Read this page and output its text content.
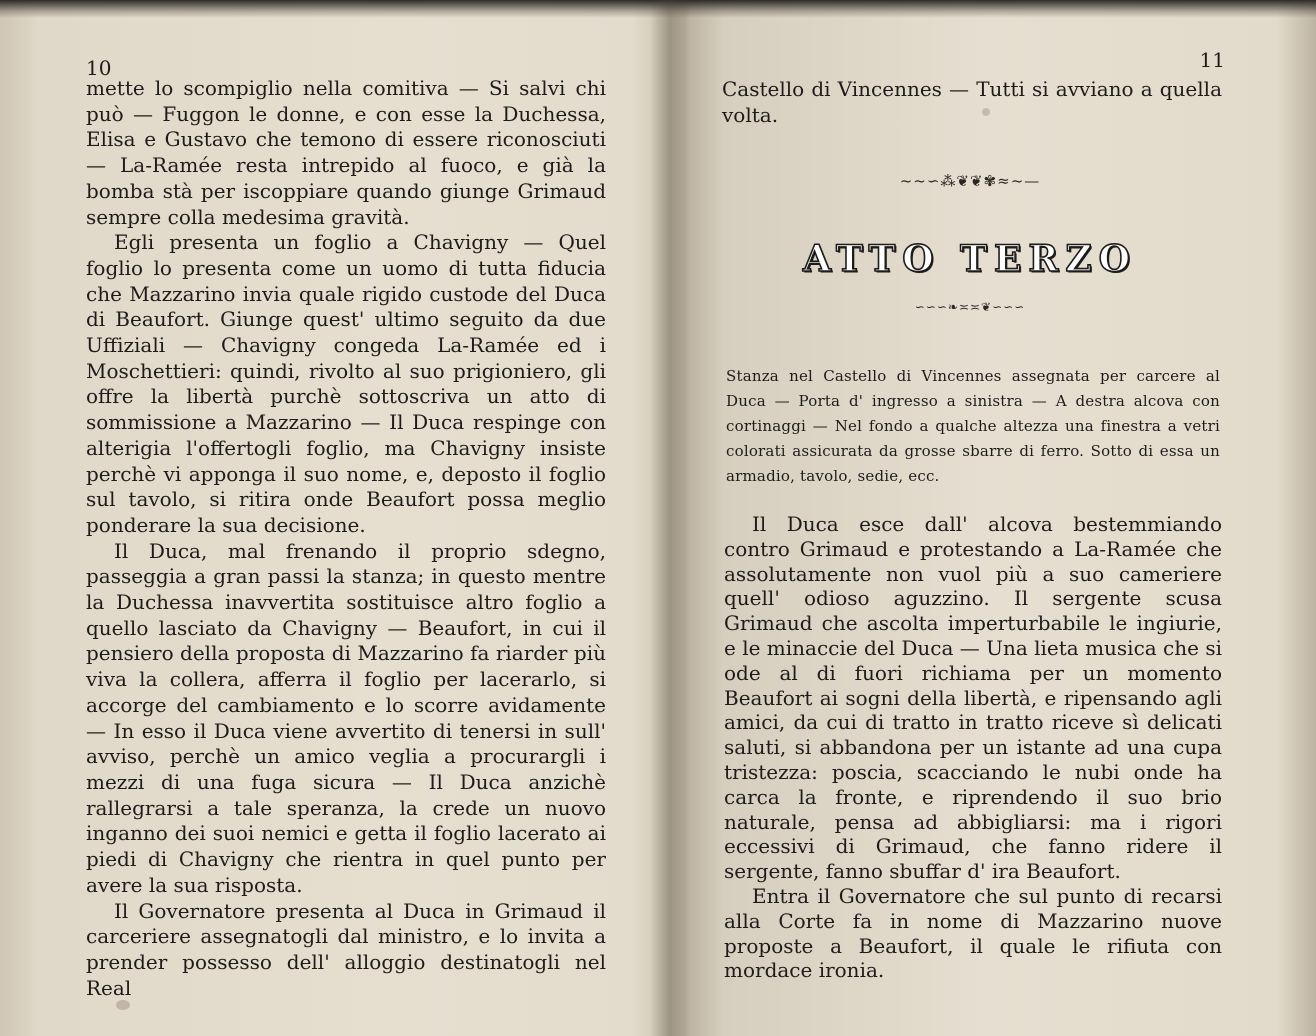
10

mette lo scompiglio nella comitiva — Si salvi chi può — Fuggon le donne, e con esse la Duchessa, Elisa e Gustavo che temono di essere riconosciuti — La-Ramée resta intrepido al fuoco, e già la bomba stà per iscoppiare quando giunge Grimaud sempre colla medesima gravità.

Egli presenta un foglio a Chavigny — Quel foglio lo presenta come un uomo di tutta fiducia che Mazzarino invia quale rigido custode del Duca di Beaufort. Giunge quest' ultimo seguito da due Uffiziali — Chavigny congeda La-Ramée ed i Moschettieri: quindi, rivolto al suo prigioniero, gli offre la libertà purchè sottoscriva un atto di sommissione a Mazzarino — Il Duca respinge con alterigia l'offertogli foglio, ma Chavigny insiste perchè vi apponga il suo nome, e, deposto il foglio sul tavolo, si ritira onde Beaufort possa meglio ponderare la sua decisione.

Il Duca, mal frenando il proprio sdegno, passeggia a gran passi la stanza; in questo mentre la Duchessa inavvertita sostituisce altro foglio a quello lasciato da Chavigny — Beaufort, in cui il pensiero della proposta di Mazzarino fa riarder più viva la collera, afferra il foglio per lacerarlo, si accorge del cambiamento e lo scorre avidamente — In esso il Duca viene avvertito di tenersi in sull' avviso, perchè un amico veglia a procurargli i mezzi di una fuga sicura — Il Duca anzichè rallegrarsi a tale speranza, la crede un nuovo inganno dei suoi nemici e getta il foglio lacerato ai piedi di Chavigny che rientra in quel punto per avere la sua risposta.

Il Governatore presenta al Duca in Grimaud il carceriere assegnatogli dal ministro, e lo invita a prender possesso dell' alloggio destinatogli nel Real

11

Castello di Vincennes — Tutti si avviano a quella volta.

~~∽⁂❦❦✾≈~—
ATTO TERZO
∽∽∽❧≍≍❦∽∽∽

Stanza nel Castello di Vincennes assegnata per carcere al Duca — Porta d' ingresso a sinistra — A destra alcova con cortinaggi — Nel fondo a qualche altezza una finestra a vetri colorati assicurata da grosse sbarre di ferro. Sotto di essa un armadio, tavolo, sedie, ecc.

Il Duca esce dall' alcova bestemmiando contro Grimaud e protestando a La-Ramée che assolutamente non vuol più a suo cameriere quell' odioso aguzzino. Il sergente scusa Grimaud che ascolta imperturbabile le ingiurie, e le minaccie del Duca — Una lieta musica che si ode al di fuori richiama per un momento Beaufort ai sogni della libertà, e ripensando agli amici, da cui di tratto in tratto riceve sì delicati saluti, si abbandona per un istante ad una cupa tristezza: poscia, scacciando le nubi onde ha carca la fronte, e riprendendo il suo brio naturale, pensa ad abbigliarsi: ma i rigori eccessivi di Grimaud, che fanno ridere il sergente, fanno sbuffar d' ira Beaufort.

Entra il Governatore che sul punto di recarsi alla Corte fa in nome di Mazzarino nuove proposte a Beaufort, il quale le rifiuta con mordace ironia.
